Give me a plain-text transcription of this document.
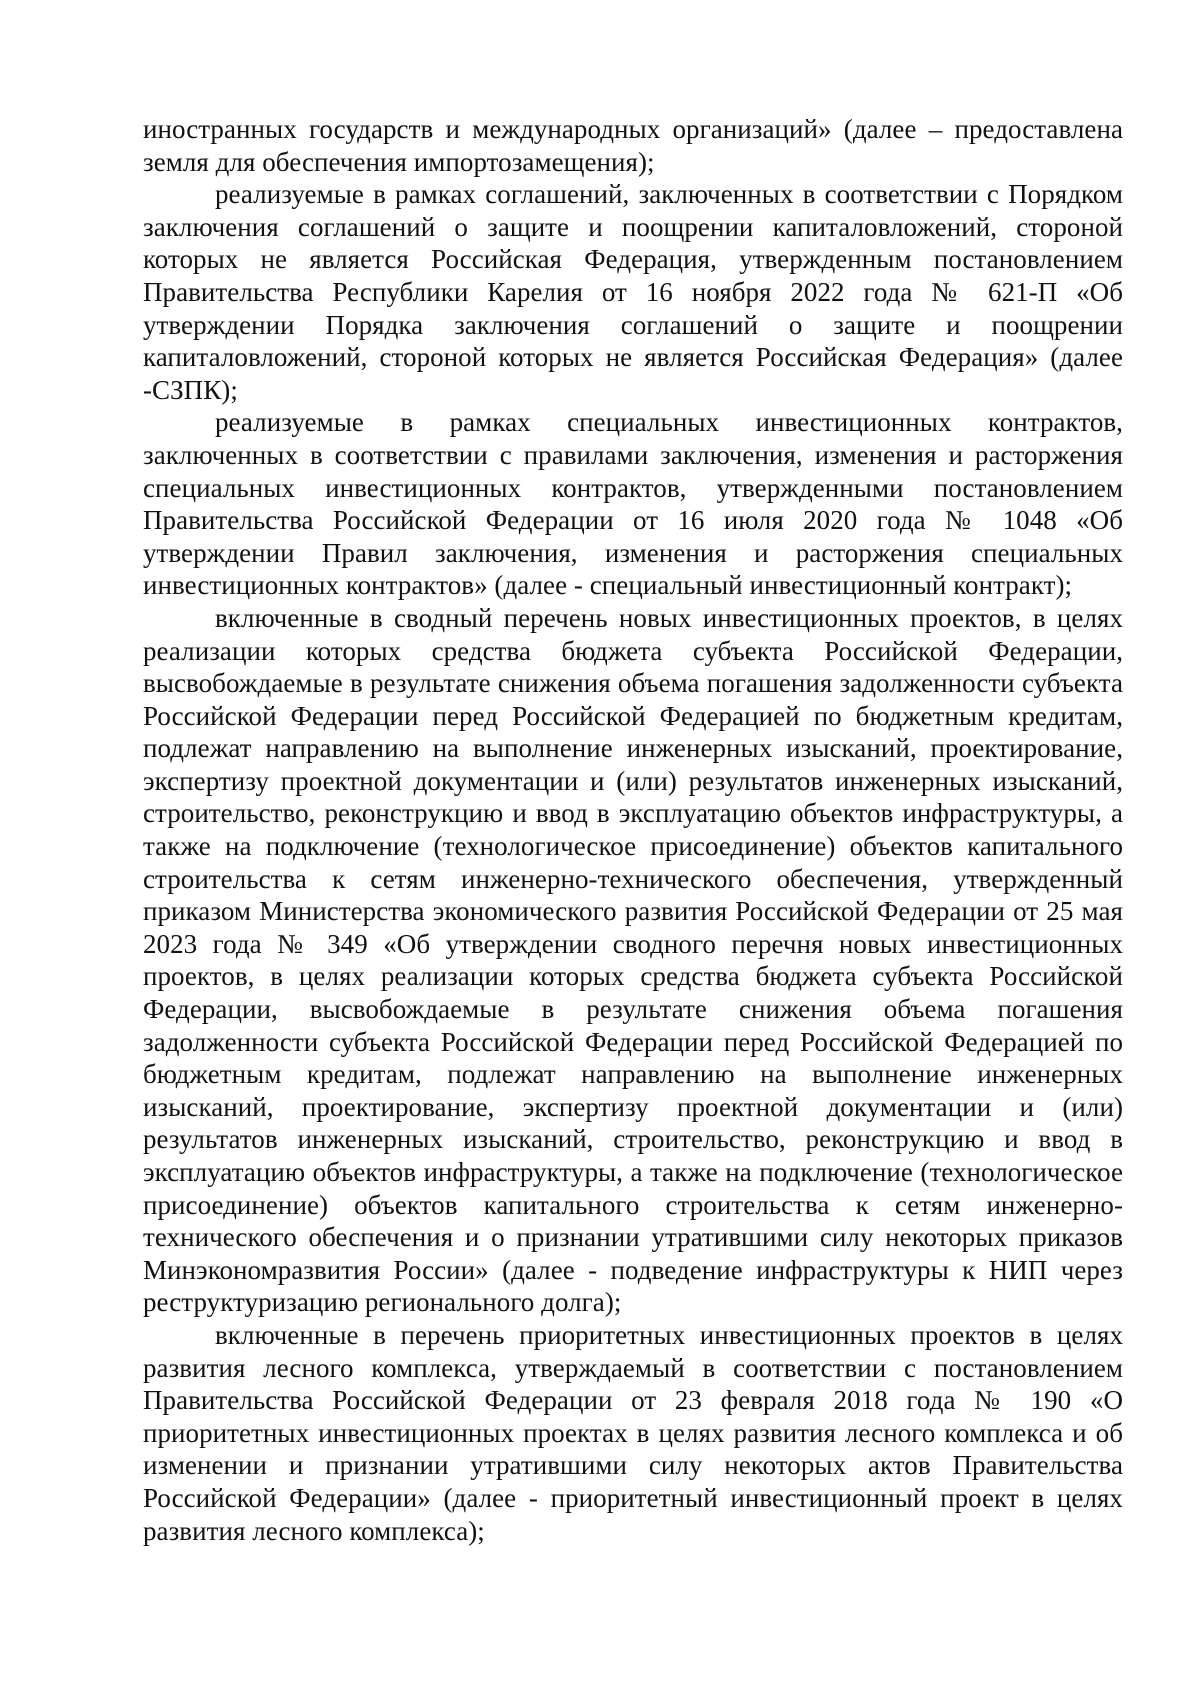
иностранных государств и международных организаций» (далее – предоставлена земля для обеспечения импортозамещения);

реализуемые в рамках соглашений, заключенных в соответствии с Порядком заключения соглашений о защите и поощрении капиталовложений, стороной которых не является Российская Федерация, утвержденным постановлением Правительства Республики Карелия от 16 ноября 2022 года № 621-П «Об утверждении Порядка заключения соглашений о защите и поощрении капиталовложений, стороной которых не является Российская Федерация» (далее -СЗПК);

реализуемые в рамках специальных инвестиционных контрактов, заключенных в соответствии с правилами заключения, изменения и расторжения специальных инвестиционных контрактов, утвержденными постановлением Правительства Российской Федерации от 16 июля 2020 года № 1048 «Об утверждении Правил заключения, изменения и расторжения специальных инвестиционных контрактов» (далее - специальный инвестиционный контракт);

включенные в сводный перечень новых инвестиционных проектов, в целях реализации которых средства бюджета субъекта Российской Федерации, высвобождаемые в результате снижения объема погашения задолженности субъекта Российской Федерации перед Российской Федерацией по бюджетным кредитам, подлежат направлению на выполнение инженерных изысканий, проектирование, экспертизу проектной документации и (или) результатов инженерных изысканий, строительство, реконструкцию и ввод в эксплуатацию объектов инфраструктуры, а также на подключение (технологическое присоединение) объектов капитального строительства к сетям инженерно-технического обеспечения, утвержденный приказом Министерства экономического развития Российской Федерации от 25 мая 2023 года № 349 «Об утверждении сводного перечня новых инвестиционных проектов, в целях реализации которых средства бюджета субъекта Российской Федерации, высвобождаемые в результате снижения объема погашения задолженности субъекта Российской Федерации перед Российской Федерацией по бюджетным кредитам, подлежат направлению на выполнение инженерных изысканий, проектирование, экспертизу проектной документации и (или) результатов инженерных изысканий, строительство, реконструкцию и ввод в эксплуатацию объектов инфраструктуры, а также на подключение (технологическое присоединение) объектов капитального строительства к сетям инженерно-технического обеспечения и о признании утратившими силу некоторых приказов Минэкономразвития России» (далее - подведение инфраструктуры к НИП через реструктуризацию регионального долга);

включенные в перечень приоритетных инвестиционных проектов в целях развития лесного комплекса, утверждаемый в соответствии с постановлением Правительства Российской Федерации от 23 февраля 2018 года № 190 «О приоритетных инвестиционных проектах в целях развития лесного комплекса и об изменении и признании утратившими силу некоторых актов Правительства Российской Федерации» (далее - приоритетный инвестиционный проект в целях развития лесного комплекса);
